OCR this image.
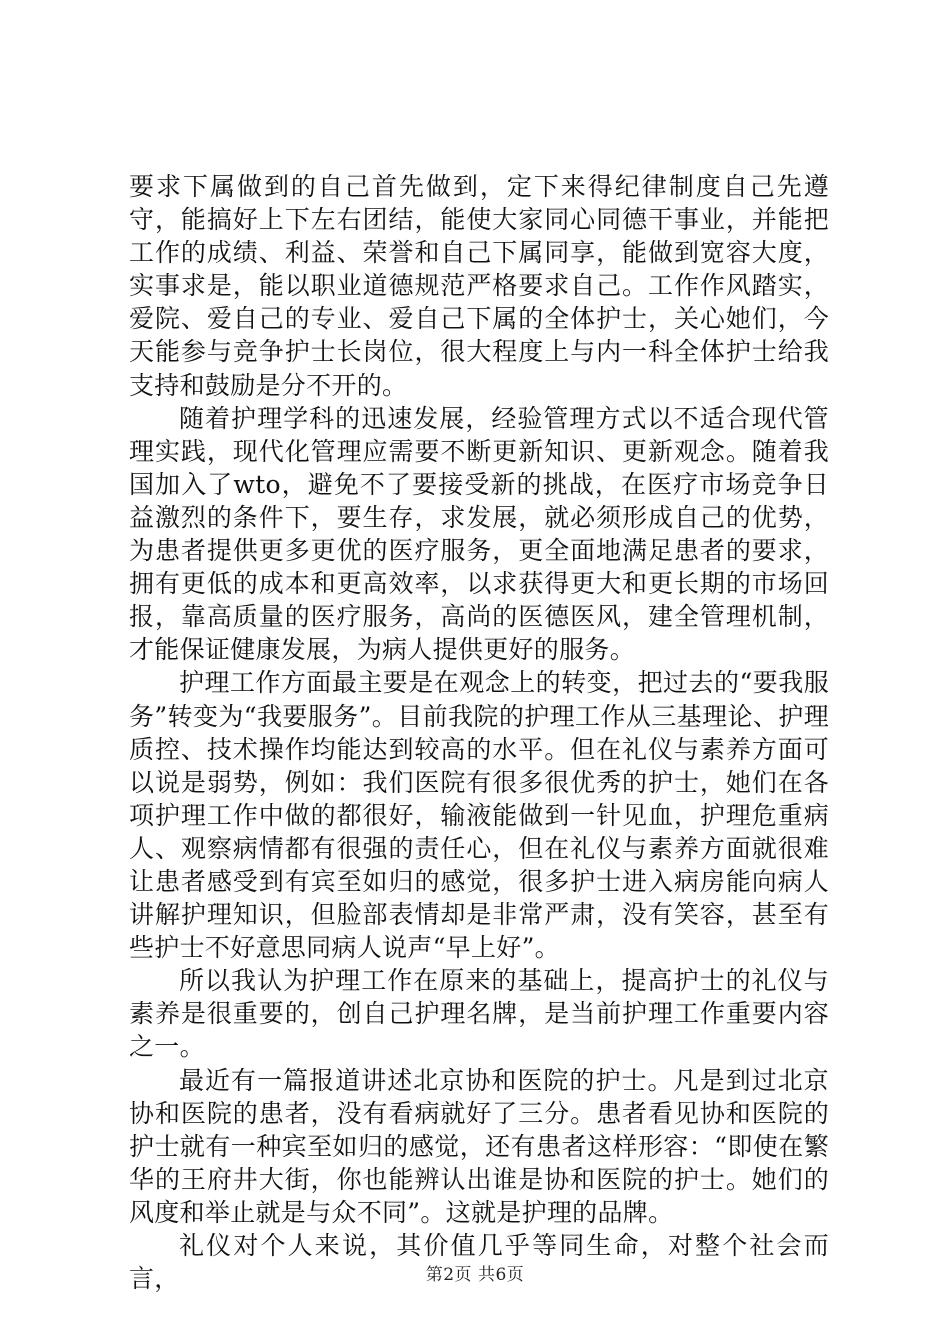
要求下属做到的自己首先做到，定下来得纪律制度自己先遵守，能搞好上下左右团结，能使大家同心同德干事业，并能把工作的成绩、利益、荣誉和自己下属同享，能做到宽容大度，实事求是，能以职业道德规范严格要求自己。工作作风踏实，爱院、爱自己的专业、爱自己下属的全体护士，关心她们，今天能参与竞争护士长岗位，很大程度上与内一科全体护士给我支持和鼓励是分不开的。

随着护理学科的迅速发展，经验管理方式以不适合现代管理实践，现代化管理应需要不断更新知识、更新观念。随着我国加入了wto，避免不了要接受新的挑战，在医疗市场竞争日益激烈的条件下，要生存，求发展，就必须形成自己的优势，为患者提供更多更优的医疗服务，更全面地满足患者的要求，拥有更低的成本和更高效率，以求获得更大和更长期的市场回报，靠高质量的医疗服务，高尚的医德医风，建全管理机制，才能保证健康发展，为病人提供更好的服务。

护理工作方面最主要是在观念上的转变，把过去的“要我服务”转变为“我要服务”。目前我院的护理工作从三基理论、护理质控、技术操作均能达到较高的水平。但在礼仪与素养方面可以说是弱势，例如：我们医院有很多很优秀的护士，她们在各项护理工作中做的都很好，输液能做到一针见血，护理危重病人、观察病情都有很强的责任心，但在礼仪与素养方面就很难让患者感受到有宾至如归的感觉，很多护士进入病房能向病人讲解护理知识，但脸部表情却是非常严肃，没有笑容，甚至有些护士不好意思同病人说声“早上好”。

所以我认为护理工作在原来的基础上，提高护士的礼仪与素养是很重要的，创自己护理名牌，是当前护理工作重要内容之一。

最近有一篇报道讲述北京协和医院的护士。凡是到过北京协和医院的患者，没有看病就好了三分。患者看见协和医院的护士就有一种宾至如归的感觉，还有患者这样形容：“即使在繁华的王府井大街，你也能辨认出谁是协和医院的护士。她们的风度和举止就是与众不同”。这就是护理的品牌。

礼仪对个人来说，其价值几乎等同生命，对整个社会而言，	第2页 共6页
